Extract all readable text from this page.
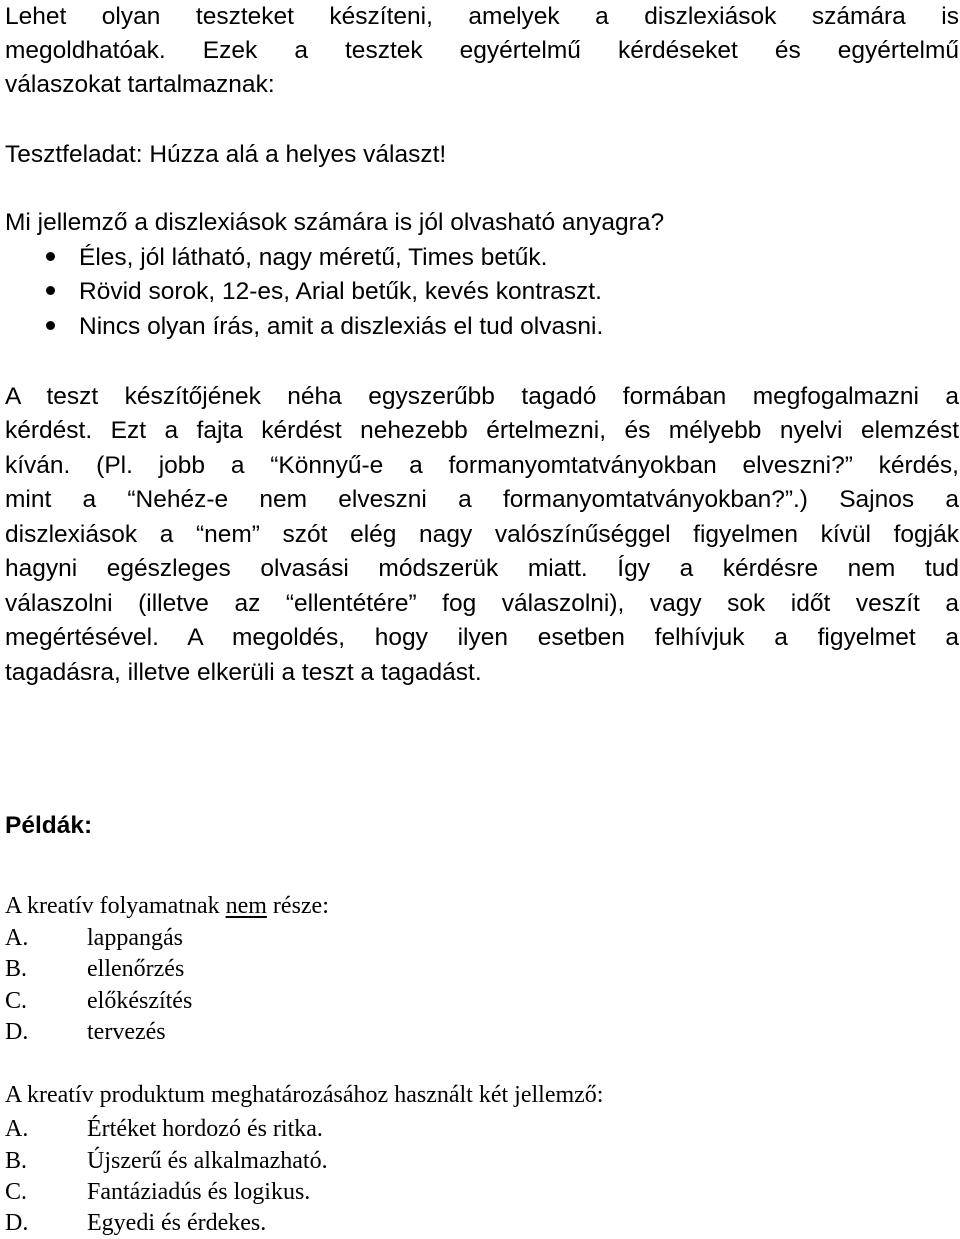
Lehet olyan teszteket készíteni, amelyek a diszlexiások számára is

megoldhatóak. Ezek a tesztek egyértelmű kérdéseket és egyértelmű

válaszokat tartalmaznak:

Tesztfeladat: Húzza alá a helyes választ!

Mi jellemző a diszlexiások számára is jól olvasható anyagra?

Éles, jól látható, nagy méretű, Times betűk.
Rövid sorok, 12-es, Arial betűk, kevés kontraszt.
Nincs olyan írás, amit a diszlexiás el tud olvasni.

A teszt készítőjének néha egyszerűbb tagadó formában megfogalmazni a

kérdést. Ezt a fajta kérdést nehezebb értelmezni, és mélyebb nyelvi elemzést

kíván. (Pl. jobb a “Könnyű-e a formanyomtatványokban elveszni?” kérdés,

mint a “Nehéz-e nem elveszni a formanyomtatványokban?”.) Sajnos a

diszlexiások a “nem” szót elég nagy valószínűséggel figyelmen kívül fogják

hagyni egészleges olvasási módszerük miatt. Így a kérdésre nem tud

válaszolni (illetve az “ellentétére” fog válaszolni), vagy sok időt veszít a

megértésével. A megoldés, hogy ilyen esetben felhívjuk a figyelmet a

tagadásra, illetve elkerüli a teszt a tagadást.

Példák:

A kreatív folyamatnak nem része:

A. lappangás
B. ellenőrzés
C. előkészítés
D. tervezés

A kreatív produktum meghatározásához használt két jellemző:

A. Értéket hordozó és ritka.
B. Újszerű és alkalmazható.
C. Fantáziadús és logikus.
D. Egyedi és érdekes.
